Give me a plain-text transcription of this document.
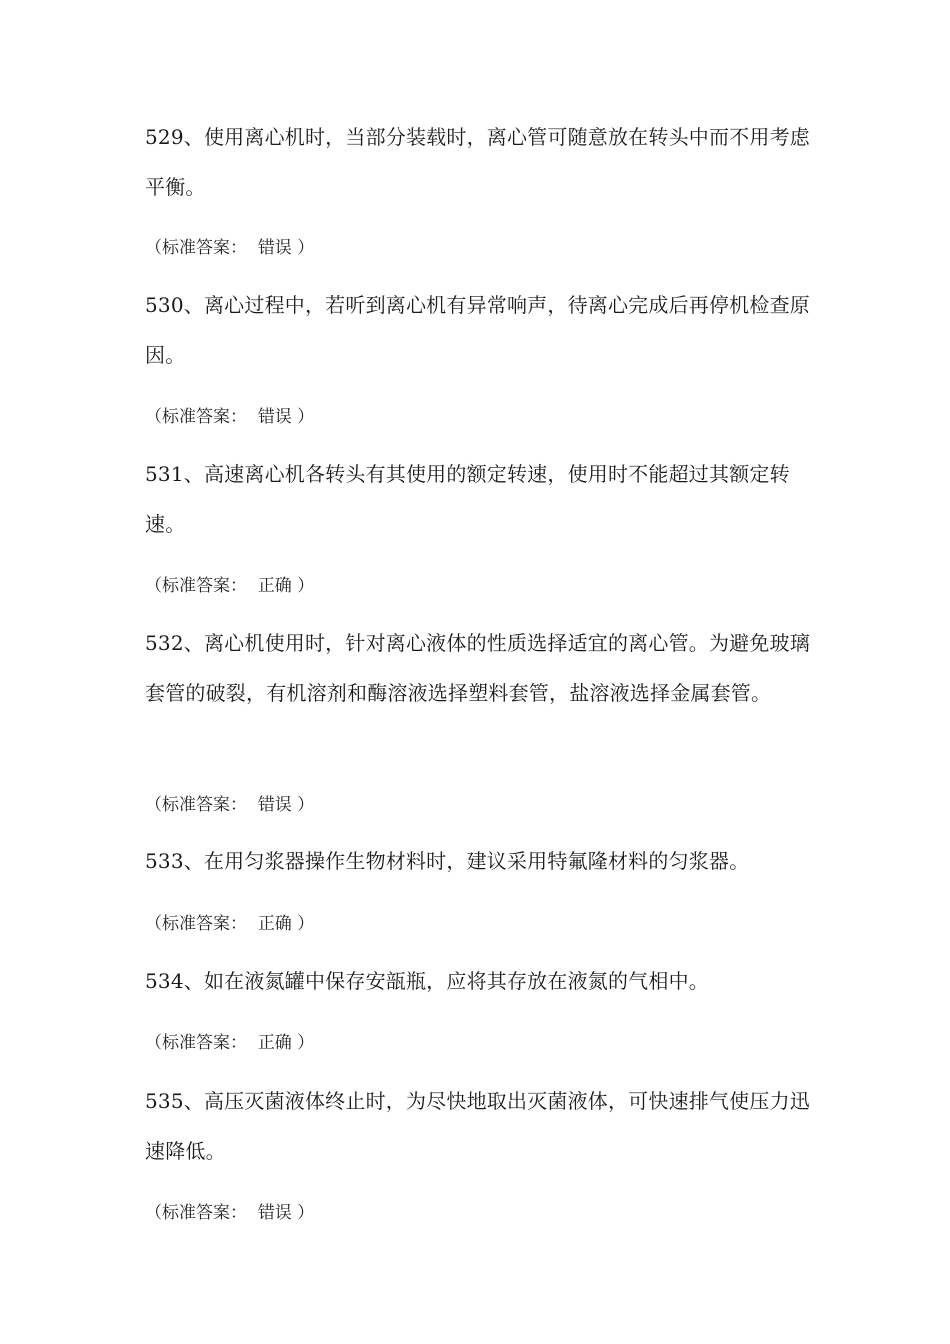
529、使用离心机时，当部分装载时，离心管可随意放在转头中而不用考虑平衡。
（标准答案： 错误 ）
530、离心过程中，若听到离心机有异常响声，待离心完成后再停机检查原因。
（标准答案： 错误 ）
531、高速离心机各转头有其使用的额定转速，使用时不能超过其额定转速。
（标准答案： 正确 ）
532、离心机使用时，针对离心液体的性质选择适宜的离心管。为避免玻璃套管的破裂，有机溶剂和酶溶液选择塑料套管，盐溶液选择金属套管。
（标准答案： 错误 ）
533、在用匀浆器操作生物材料时，建议采用特氟隆材料的匀浆器。
（标准答案： 正确 ）
534、如在液氮罐中保存安瓿瓶，应将其存放在液氮的气相中。
（标准答案： 正确 ）
535、高压灭菌液体终止时，为尽快地取出灭菌液体，可快速排气使压力迅速降低。
（标准答案： 错误 ）
